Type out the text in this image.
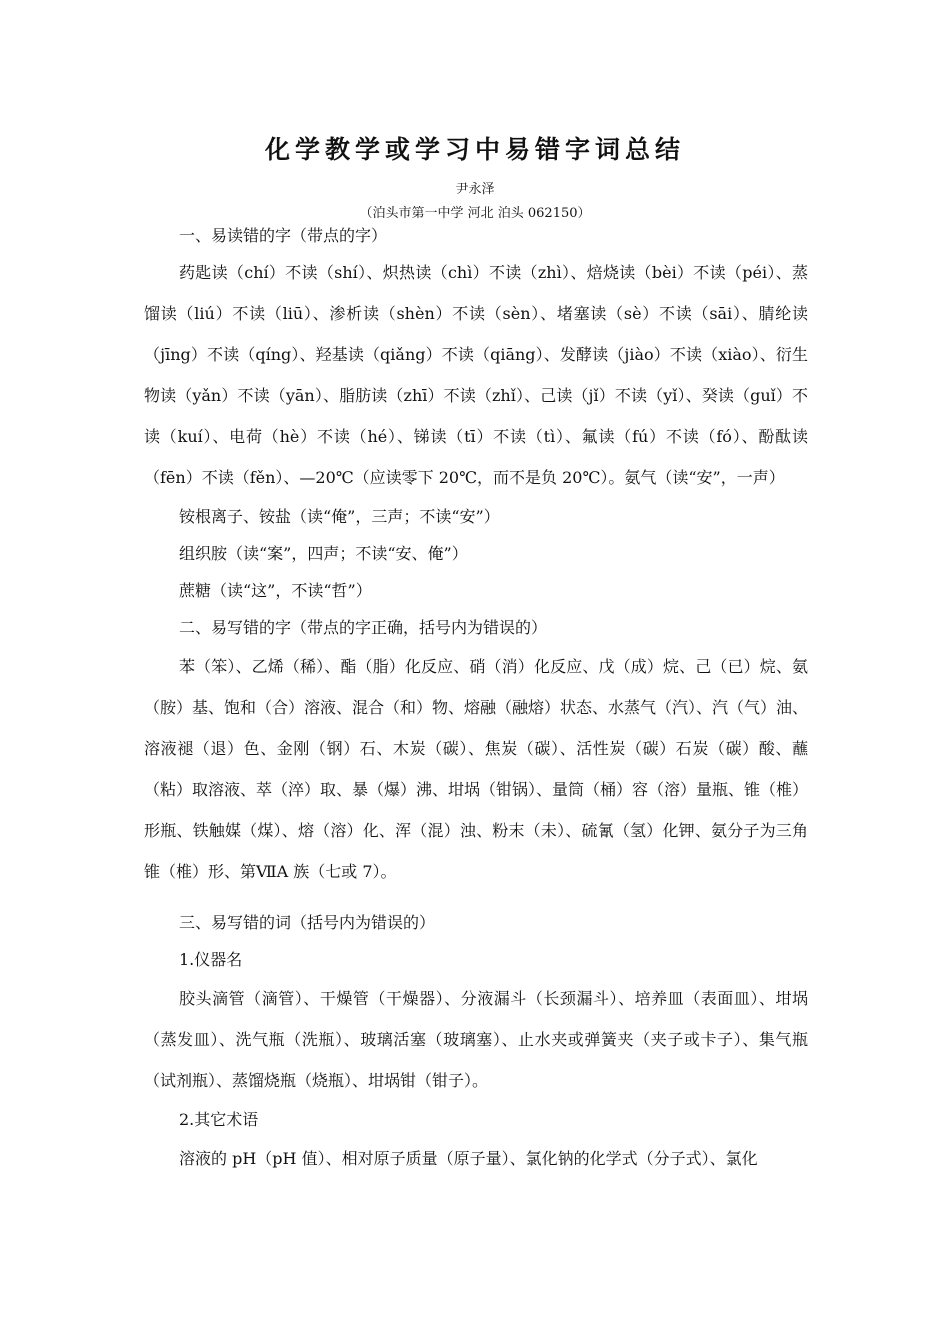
化学教学或学习中易错字词总结
尹永泽
（泊头市第一中学 河北 泊头 062150）
一、易读错的字（带点的字）

药匙读（chí）不读（shí）、炽热读（chì）不读（zhì）、焙烧读（bèi）不读（péi）、蒸馏读（liú）不读（liū）、渗析读（shèn）不读（sèn）、堵塞读（sè）不读（sāi）、腈纶读（jīng）不读（qíng）、羟基读（qiǎng）不读（qiāng）、发酵读（jiào）不读（xiào）、衍生物读（yǎn）不读（yān）、脂肪读（zhī）不读（zhǐ）、己读（jǐ）不读（yǐ）、癸读（guǐ）不读（kuí）、电荷（hè）不读（hé）、锑读（tī）不读（tì）、氟读（fú）不读（fó）、酚酞读（fēn）不读（fěn）、—20℃（应读零下 20℃，而不是负 20℃）。氨气（读“安”，一声）

铵根离子、铵盐（读“俺”，三声；不读“安”）

组织胺（读“案”，四声；不读“安、俺”）

蔗糖（读“这”，不读“哲”）

二、易写错的字（带点的字正确，括号内为错误的）

苯（笨）、乙烯（稀）、酯（脂）化反应、硝（消）化反应、戊（成）烷、己（已）烷、氨（胺）基、饱和（合）溶液、混合（和）物、熔融（融熔）状态、水蒸气（汽）、汽（气）油、溶液褪（退）色、金刚（钢）石、木炭（碳）、焦炭（碳）、活性炭（碳）石炭（碳）酸、蘸（粘）取溶液、萃（淬）取、暴（爆）沸、坩埚（钳锅）、量筒（桶）容（溶）量瓶、锥（椎）形瓶、铁触媒（煤）、熔（溶）化、浑（混）浊、粉末（未）、硫氰（氢）化钾、氨分子为三角锥（椎）形、第ⅦA 族（七或 7）。

三、易写错的词（括号内为错误的）

1.仪器名

胶头滴管（滴管）、干燥管（干燥器）、分液漏斗（长颈漏斗）、培养皿（表面皿）、坩埚（蒸发皿）、洗气瓶（洗瓶）、玻璃活塞（玻璃塞）、止水夹或弹簧夹（夹子或卡子）、集气瓶（试剂瓶）、蒸馏烧瓶（烧瓶）、坩埚钳（钳子）。

2.其它术语

溶液的 pH（pH 值）、相对原子质量（原子量）、氯化钠的化学式（分子式）、氯化
